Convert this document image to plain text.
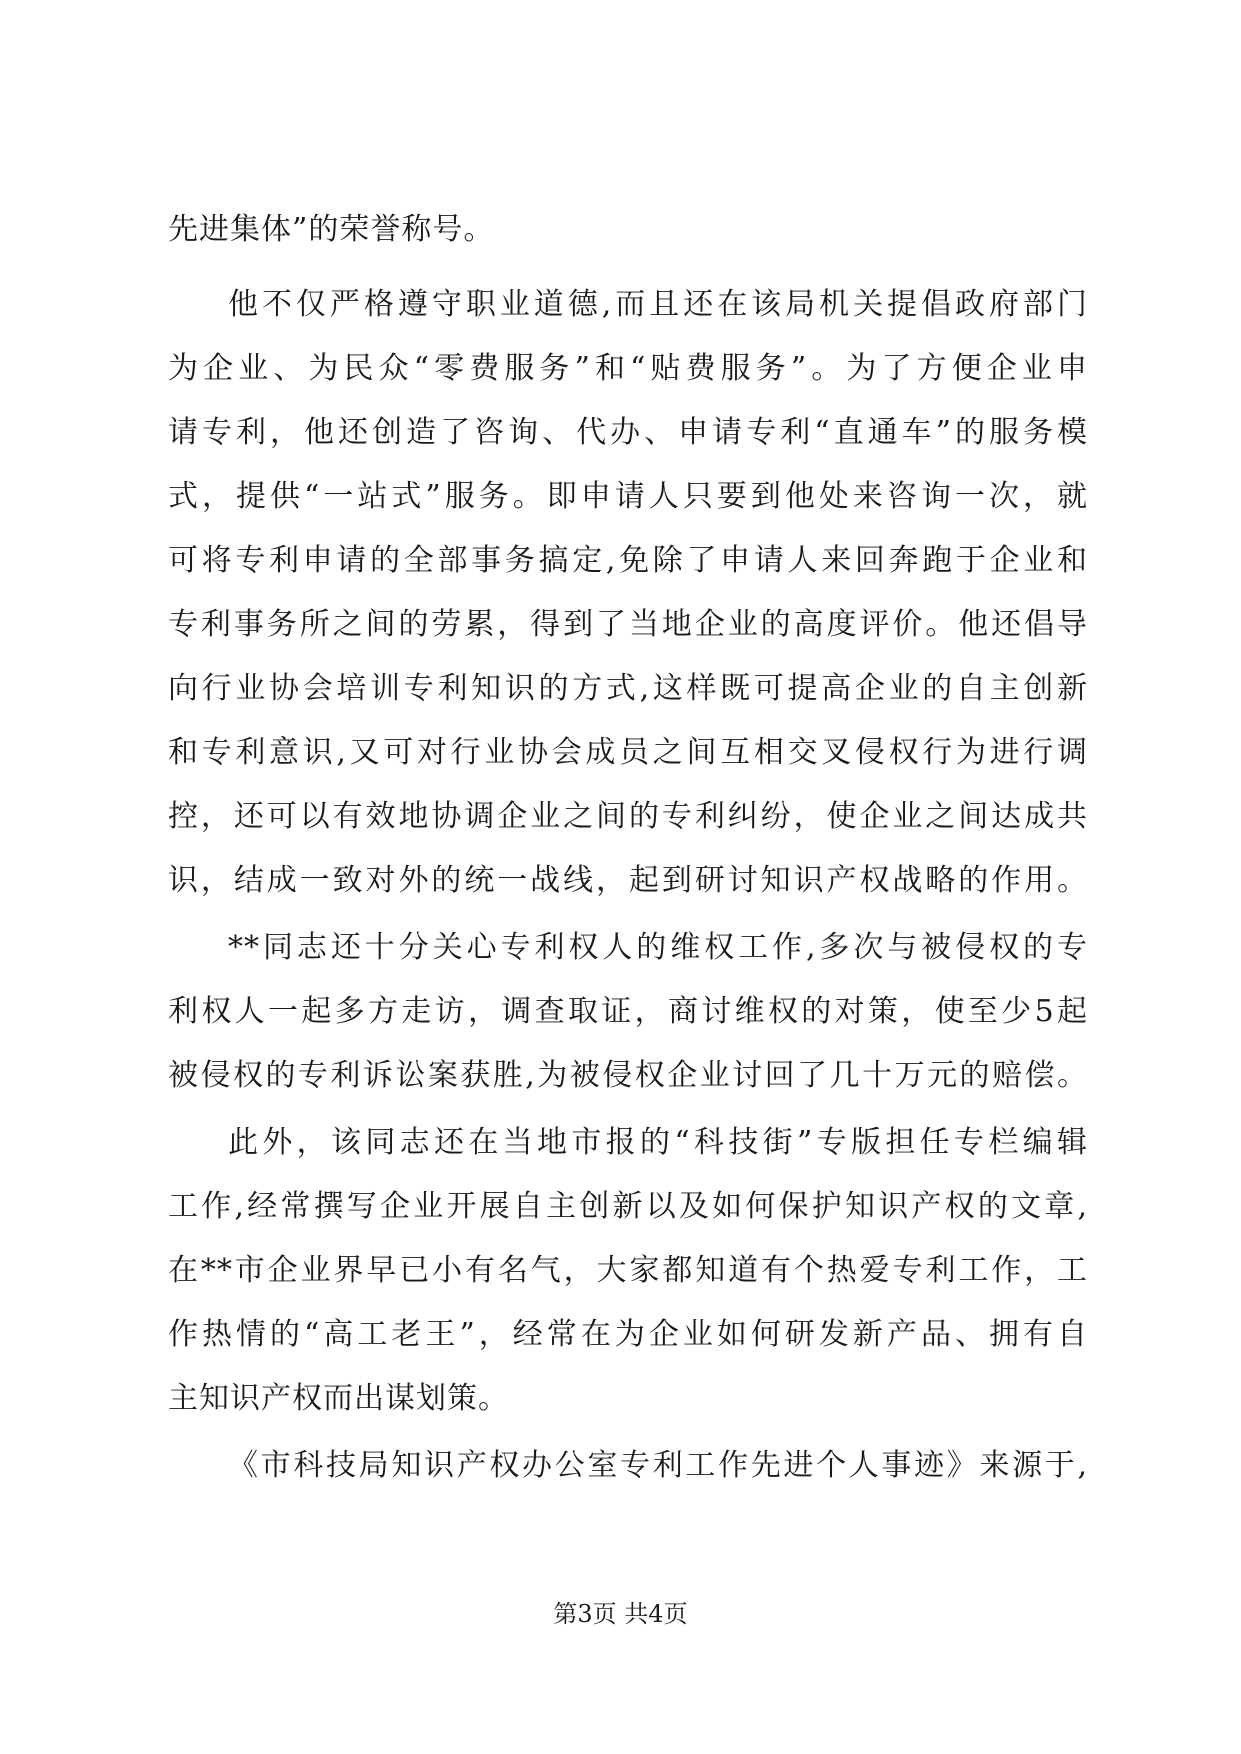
先进集体”的荣誉称号。
他不仅严格遵守职业道德,而且还在该局机关提倡政府部门
为企业、为民众“零费服务”和“贴费服务”。为了方便企业申
请专利，他还创造了咨询、代办、申请专利“直通车”的服务模
式，提供“一站式”服务。即申请人只要到他处来咨询一次，就
可将专利申请的全部事务搞定,免除了申请人来回奔跑于企业和
专利事务所之间的劳累，得到了当地企业的高度评价。他还倡导
向行业协会培训专利知识的方式,这样既可提高企业的自主创新
和专利意识,又可对行业协会成员之间互相交叉侵权行为进行调
控，还可以有效地协调企业之间的专利纠纷，使企业之间达成共
识，结成一致对外的统一战线，起到研讨知识产权战略的作用。
**同志还十分关心专利权人的维权工作,多次与被侵权的专
利权人一起多方走访，调查取证，商讨维权的对策，使至少5起
被侵权的专利诉讼案获胜,为被侵权企业讨回了几十万元的赔偿。
此外，该同志还在当地市报的“科技街”专版担任专栏编辑
工作,经常撰写企业开展自主创新以及如何保护知识产权的文章,
在**市企业界早已小有名气，大家都知道有个热爱专利工作，工
作热情的“高工老王”，经常在为企业如何研发新产品、拥有自
主知识产权而出谋划策。
《市科技局知识产权办公室专利工作先进个人事迹》来源于,
第3页 共4页
